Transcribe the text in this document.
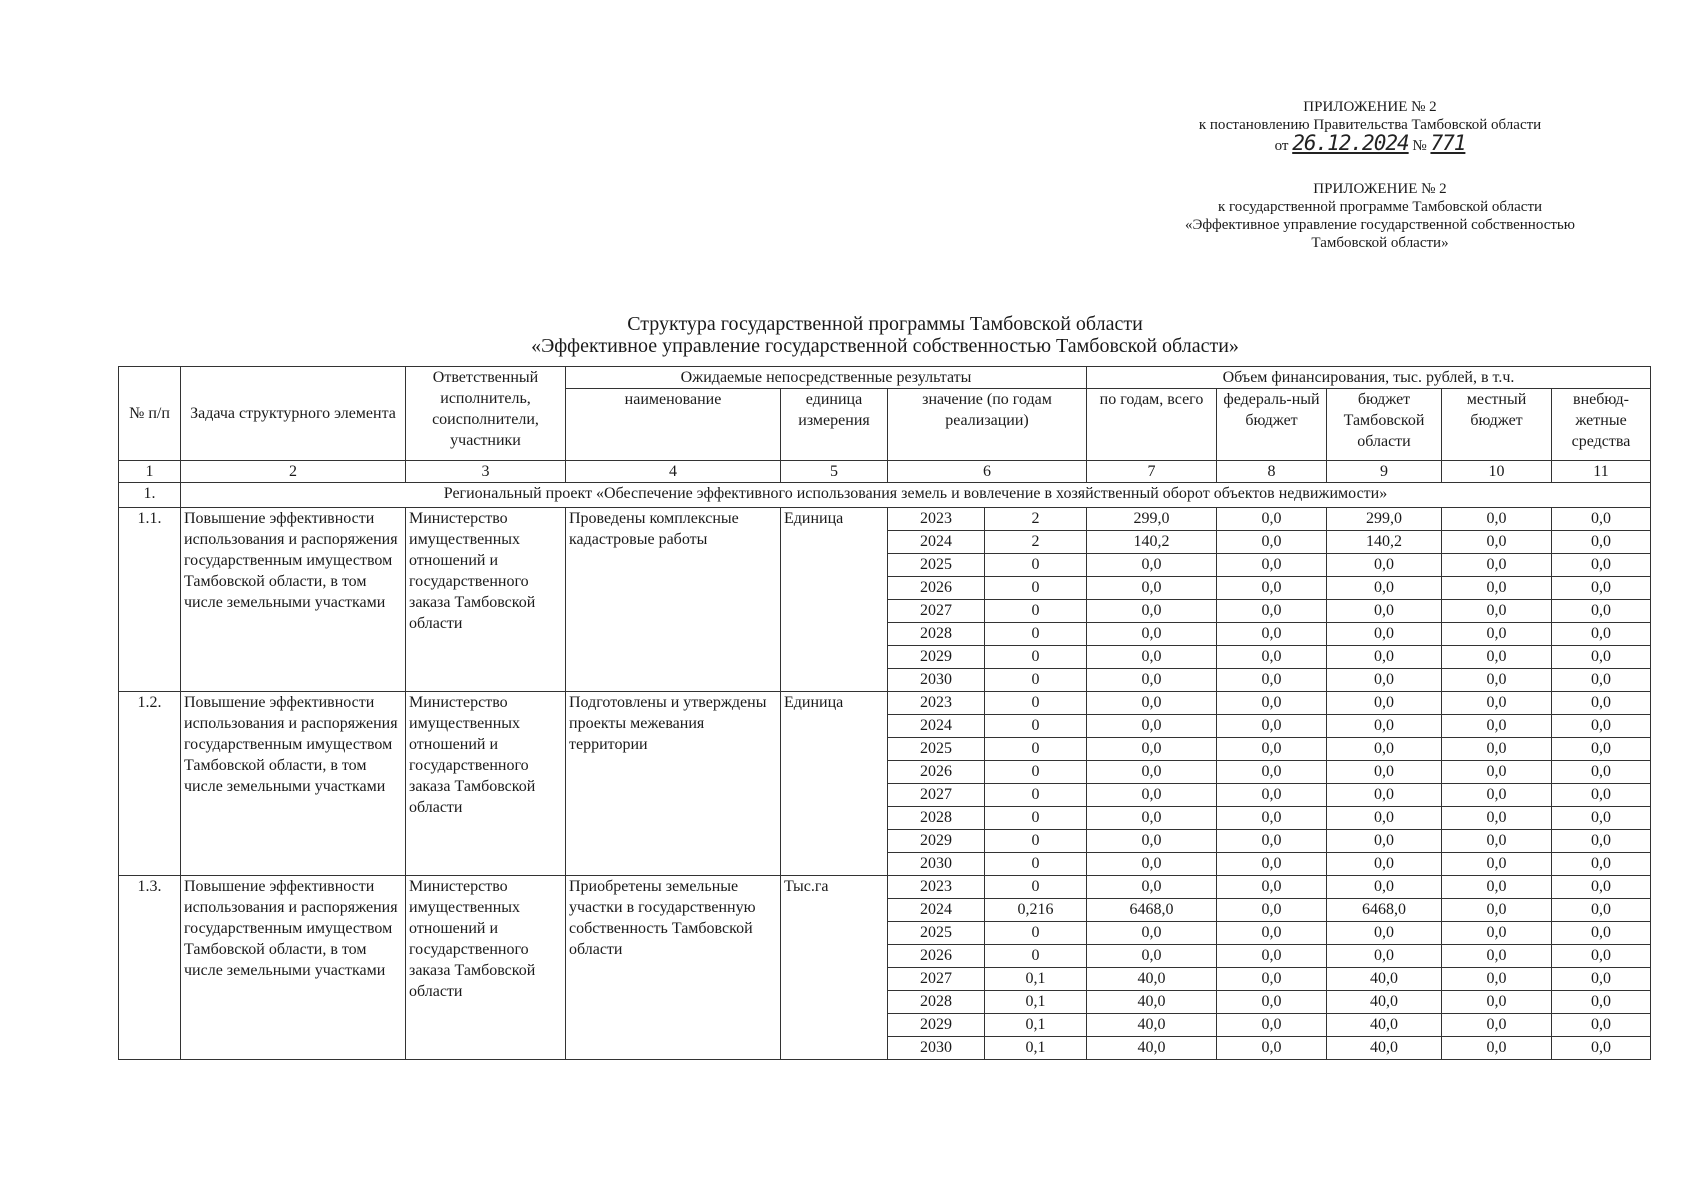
ПРИЛОЖЕНИЕ № 2
к постановлению Правительства Тамбовской области
от 26.12.2024 № 771
ПРИЛОЖЕНИЕ № 2
к государственной программе Тамбовской области
«Эффективное управление государственной собственностью
Тамбовской области»
Структура государственной программы Тамбовской области
«Эффективное управление государственной собственностью Тамбовской области»
№ п/п	Задача структурного элемента	Ответственный исполнитель, соисполнители, участники	Ожидаемые непосредственные результаты				Объем финансирования, тыс. рублей, в т.ч.				
			наименование	единица измерения	значение (по годам реализации)		по годам, всего	федераль-ный бюджет	бюджет Тамбовской области	местный бюджет	внебюд-жетные средства
1	2	3	4	5	6		7	8	9	10	11
1.	Региональный проект «Обеспечение эффективного использования земель и вовлечение в хозяйственный оборот объектов недвижимости»										
1.1.	Повышение эффективности использования и распоряжения государственным имуществом Тамбовской области, в том числе земельными участками	Министерство имущественных отношений и государственного заказа Тамбовской области	Проведены комплексные кадастровые работы	Единица	2023	2	299,0	0,0	299,0	0,0	0,0
					2024	2	140,2	0,0	140,2	0,0	0,0
					2025	0	0,0	0,0	0,0	0,0	0,0
					2026	0	0,0	0,0	0,0	0,0	0,0
					2027	0	0,0	0,0	0,0	0,0	0,0
					2028	0	0,0	0,0	0,0	0,0	0,0
					2029	0	0,0	0,0	0,0	0,0	0,0
					2030	0	0,0	0,0	0,0	0,0	0,0
1.2.	Повышение эффективности использования и распоряжения государственным имуществом Тамбовской области, в том числе земельными участками	Министерство имущественных отношений и государственного заказа Тамбовской области	Подготовлены и утверждены проекты межевания территории	Единица	2023	0	0,0	0,0	0,0	0,0	0,0
					2024	0	0,0	0,0	0,0	0,0	0,0
					2025	0	0,0	0,0	0,0	0,0	0,0
					2026	0	0,0	0,0	0,0	0,0	0,0
					2027	0	0,0	0,0	0,0	0,0	0,0
					2028	0	0,0	0,0	0,0	0,0	0,0
					2029	0	0,0	0,0	0,0	0,0	0,0
					2030	0	0,0	0,0	0,0	0,0	0,0
1.3.	Повышение эффективности использования и распоряжения государственным имуществом Тамбовской области, в том числе земельными участками	Министерство имущественных отношений и государственного заказа Тамбовской области	Приобретены земельные участки в государственную собственность Тамбовской области	Тыс.га	2023	0	0,0	0,0	0,0	0,0	0,0
					2024	0,216	6468,0	0,0	6468,0	0,0	0,0
					2025	0	0,0	0,0	0,0	0,0	0,0
					2026	0	0,0	0,0	0,0	0,0	0,0
					2027	0,1	40,0	0,0	40,0	0,0	0,0
					2028	0,1	40,0	0,0	40,0	0,0	0,0
					2029	0,1	40,0	0,0	40,0	0,0	0,0
					2030	0,1	40,0	0,0	40,0	0,0	0,0
